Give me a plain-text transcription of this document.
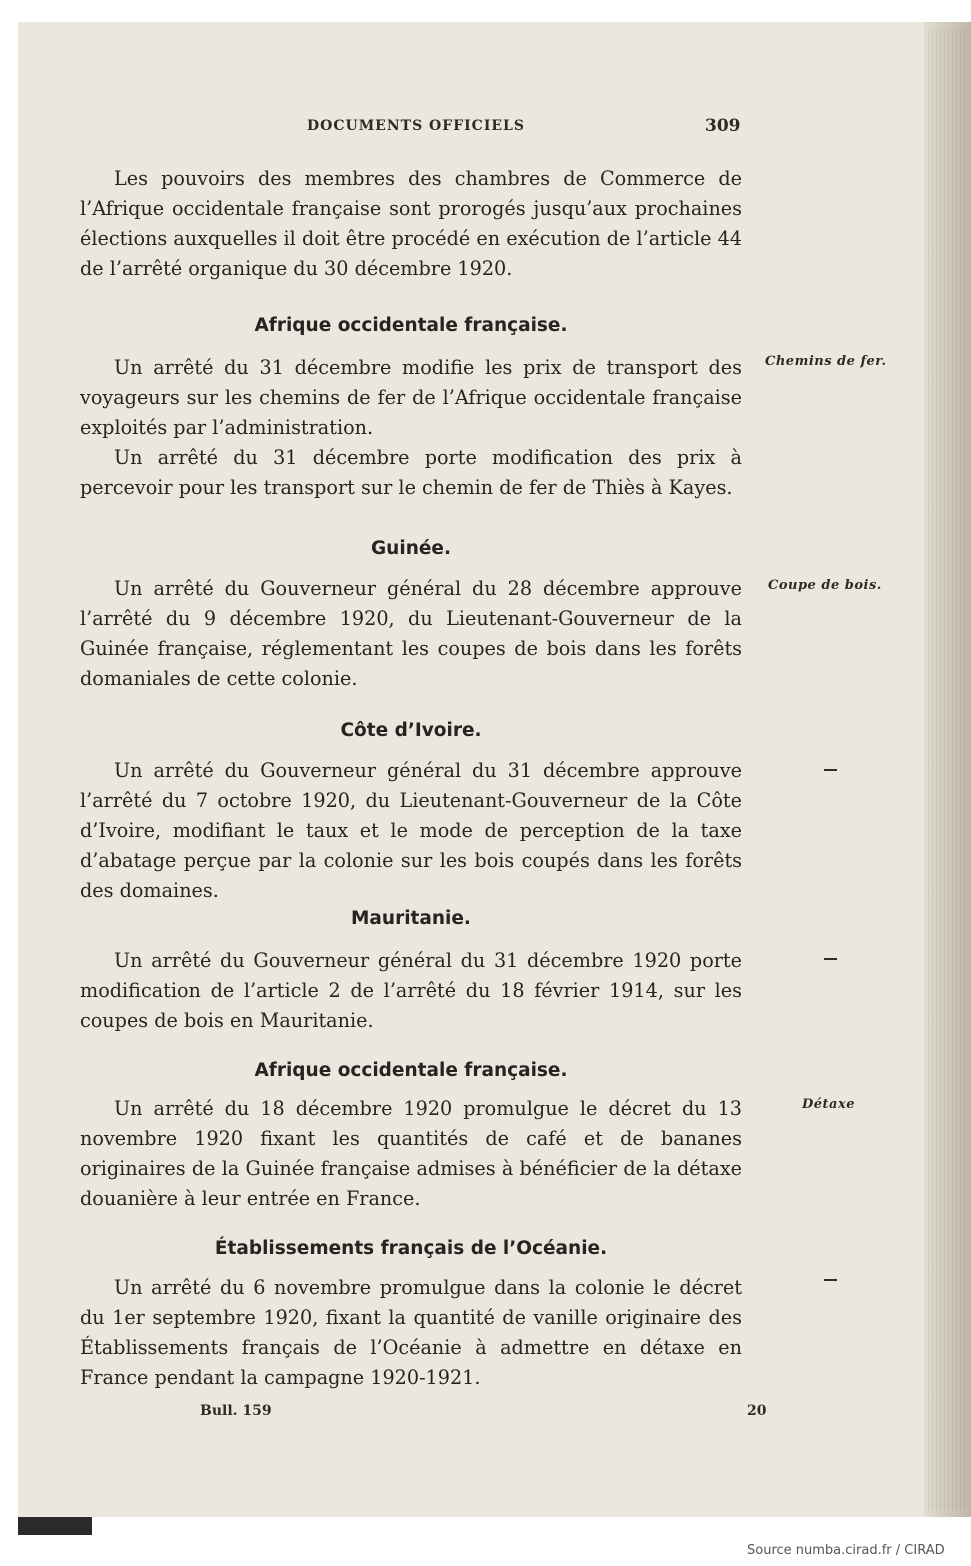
DOCUMENTS OFFICIELS	309
Les pouvoirs des membres des chambres de Commerce de l’Afrique occidentale française sont prorogés jusqu’aux prochaines élections auxquelles il doit être procédé en exécution de l’article 44 de l’arrêté organique du 30 décembre 1920.
Afrique occidentale française.
Un arrêté du 31 décembre modifie les prix de transport des voyageurs sur les chemins de fer de l’Afrique occidentale française exploités par l’administration.
Un arrêté du 31 décembre porte modification des prix à percevoir pour les transport sur le chemin de fer de Thiès à Kayes.
Guinée.
Un arrêté du Gouverneur général du 28 décembre approuve l’arrêté du 9 décembre 1920, du Lieutenant-Gouverneur de la Guinée française, réglementant les coupes de bois dans les forêts domaniales de cette colonie.
Côte d’Ivoire.
Un arrêté du Gouverneur général du 31 décembre approuve l’arrêté du 7 octobre 1920, du Lieutenant-Gouverneur de la Côte d’Ivoire, modifiant le taux et le mode de perception de la taxe d’abatage perçue par la colonie sur les bois coupés dans les forêts des domaines.
Mauritanie.
Un arrêté du Gouverneur général du 31 décembre 1920 porte modification de l’article 2 de l’arrêté du 18 février 1914, sur les coupes de bois en Mauritanie.
Afrique occidentale française.
Un arrêté du 18 décembre 1920 promulgue le décret du 13 novembre 1920 fixant les quantités de café et de bananes originaires de la Guinée française admises à bénéficier de la détaxe douanière à leur entrée en France.
Établissements français de l’Océanie.
Un arrêté du 6 novembre promulgue dans la colonie le décret du 1er septembre 1920, fixant la quantité de vanille originaire des Établissements français de l’Océanie à admettre en détaxe en France pendant la campagne 1920-1921.
Chemins de fer.
Coupe de bois.
Détaxe
Bull. 159	20
Source numba.cirad.fr / CIRAD
